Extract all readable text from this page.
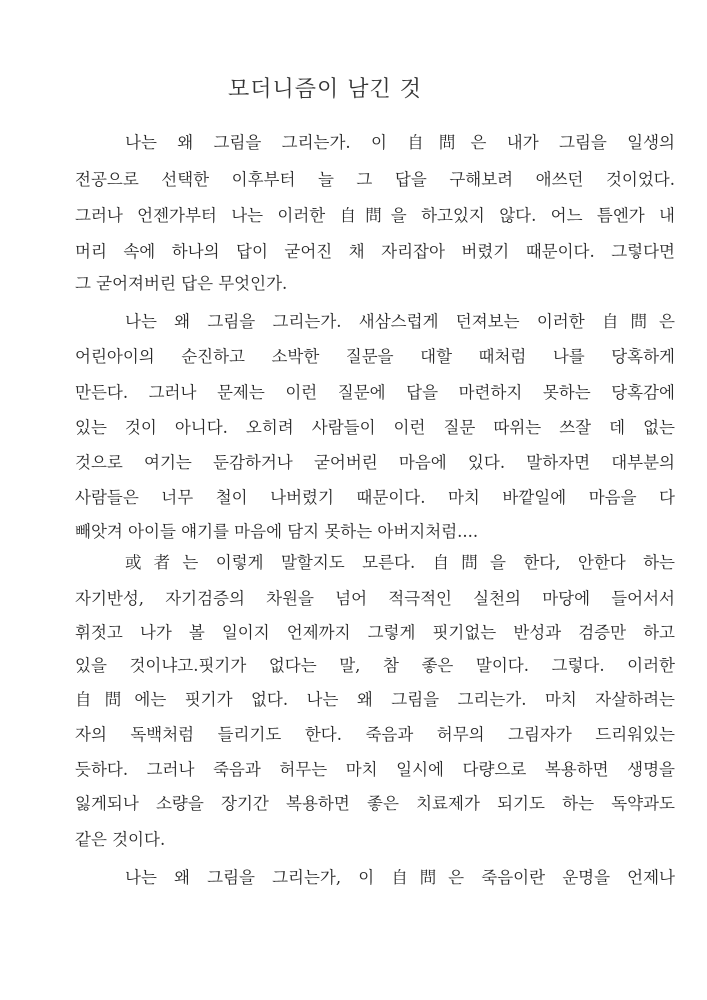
모더니즘이 남긴 것
나는 왜 그림을 그리는가. 이 自問은 내가 그림을 일생의
전공으로 선택한 이후부터 늘 그 답을 구해보려 애쓰던 것이었다.
그러나 언젠가부터 나는 이러한 自問을 하고있지 않다. 어느 틈엔가 내
머리 속에 하나의 답이 굳어진 채 자리잡아 버렸기 때문이다. 그렇다면
그 굳어져버린 답은 무엇인가.
나는 왜 그림을 그리는가. 새삼스럽게 던져보는 이러한 自問은
어린아이의 순진하고 소박한 질문을 대할 때처럼 나를 당혹하게
만든다. 그러나 문제는 이런 질문에 답을 마련하지 못하는 당혹감에
있는 것이 아니다. 오히려 사람들이 이런 질문 따위는 쓰잘 데 없는
것으로 여기는 둔감하거나 굳어버린 마음에 있다. 말하자면 대부분의
사람들은 너무 철이 나버렸기 때문이다. 마치 바깥일에 마음을 다
빼앗겨 아이들 얘기를 마음에 담지 못하는 아버지처럼....
或者는 이렇게 말할지도 모른다. 自問을 한다, 안한다 하는
자기반성, 자기검증의 차원을 넘어 적극적인 실천의 마당에 들어서서
휘젓고 나가 볼 일이지 언제까지 그렇게 핏기없는 반성과 검증만 하고
있을 것이냐고.핏기가 없다는 말, 참 좋은 말이다. 그렇다. 이러한
自問에는 핏기가 없다. 나는 왜 그림을 그리는가. 마치 자살하려는
자의 독백처럼 들리기도 한다. 죽음과 허무의 그림자가 드리워있는
듯하다. 그러나 죽음과 허무는 마치 일시에 다량으로 복용하면 생명을
잃게되나 소량을 장기간 복용하면 좋은 치료제가 되기도 하는 독약과도
같은 것이다.
나는 왜 그림을 그리는가, 이 自問은 죽음이란 운명을 언제나
